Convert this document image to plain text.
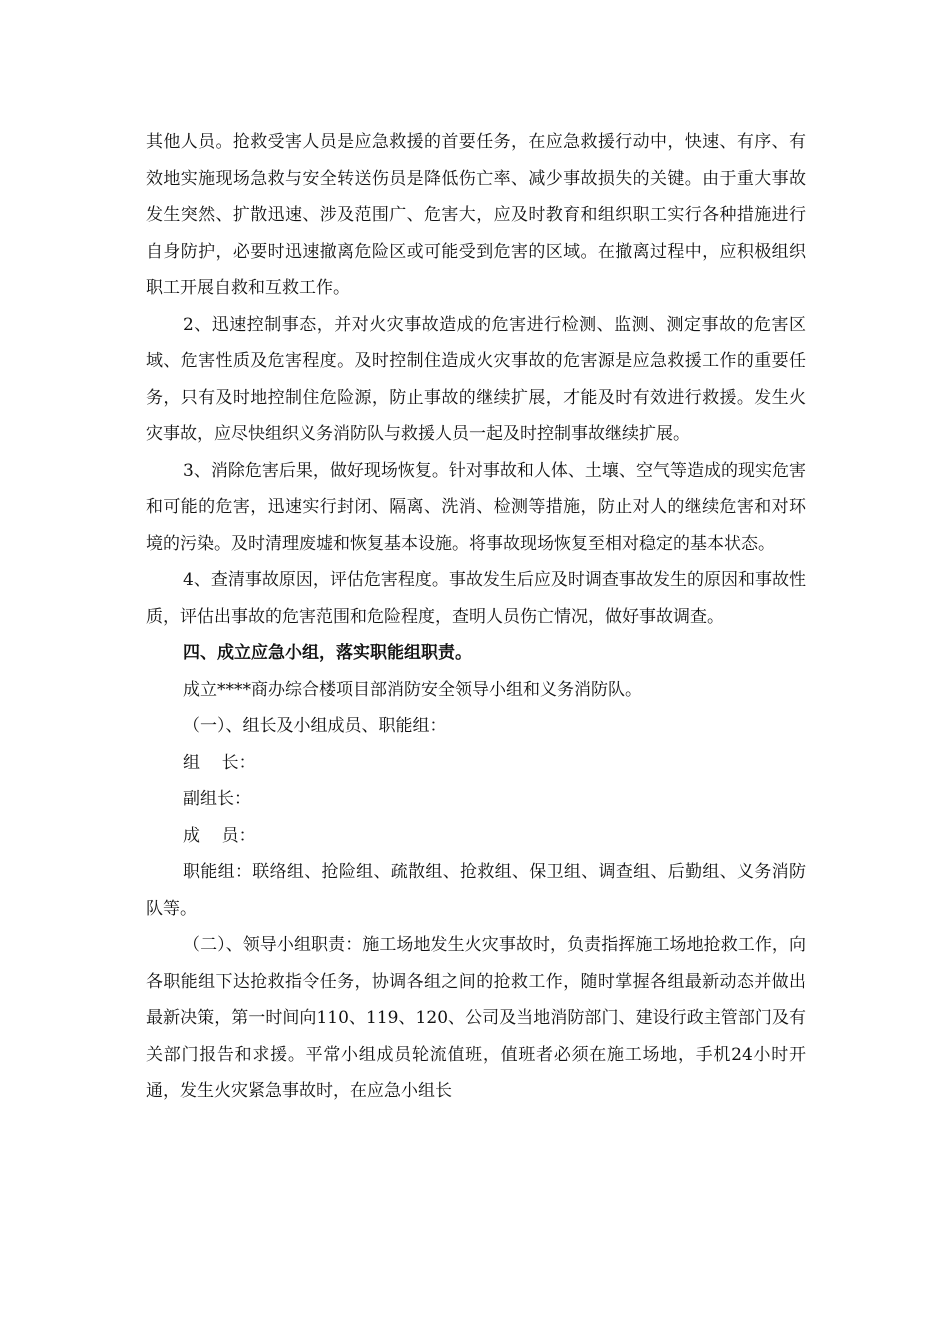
其他人员。抢救受害人员是应急救援的首要任务，在应急救援行动中，快速、有序、有效地实施现场急救与安全转送伤员是降低伤亡率、减少事故损失的关键。由于重大事故发生突然、扩散迅速、涉及范围广、危害大，应及时教育和组织职工实行各种措施进行自身防护，必要时迅速撤离危险区或可能受到危害的区域。在撤离过程中，应积极组织职工开展自救和互救工作。

2、迅速控制事态，并对火灾事故造成的危害进行检测、监测、测定事故的危害区域、危害性质及危害程度。及时控制住造成火灾事故的危害源是应急救援工作的重要任务，只有及时地控制住危险源，防止事故的继续扩展，才能及时有效进行救援。发生火灾事故，应尽快组织义务消防队与救援人员一起及时控制事故继续扩展。

3、消除危害后果，做好现场恢复。针对事故和人体、土壤、空气等造成的现实危害和可能的危害，迅速实行封闭、隔离、洗消、检测等措施，防止对人的继续危害和对环境的污染。及时清理废墟和恢复基本设施。将事故现场恢复至相对稳定的基本状态。

4、查清事故原因，评估危害程度。事故发生后应及时调查事故发生的原因和事故性质，评估出事故的危害范围和危险程度，查明人员伤亡情况，做好事故调查。

四、成立应急小组，落实职能组职责。

成立****商办综合楼项目部消防安全领导小组和义务消防队。

（一）、组长及小组成员、职能组：

组    长：

副组长：

成    员：

职能组：联络组、抢险组、疏散组、抢救组、保卫组、调查组、后勤组、义务消防队等。

（二）、领导小组职责：施工场地发生火灾事故时，负责指挥施工场地抢救工作，向各职能组下达抢救指令任务，协调各组之间的抢救工作，随时掌握各组最新动态并做出最新决策，第一时间向110、119、120、公司及当地消防部门、建设行政主管部门及有关部门报告和求援。平常小组成员轮流值班，值班者必须在施工场地，手机24小时开通，发生火灾紧急事故时，在应急小组长
